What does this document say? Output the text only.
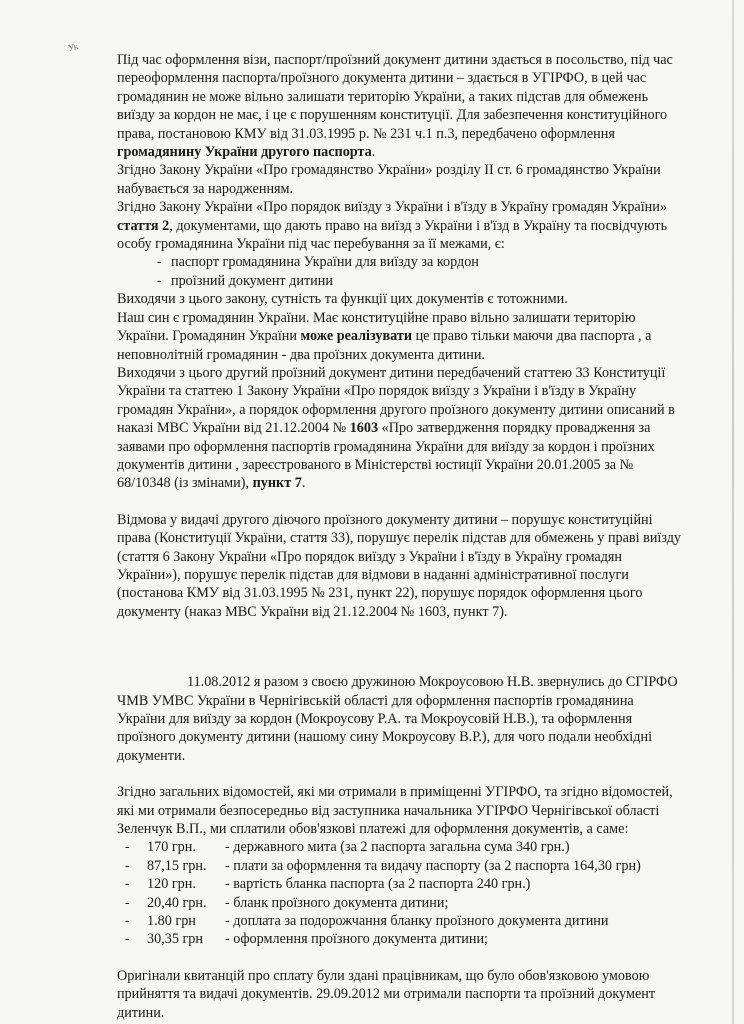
Ук

Під час оформлення візи, паспорт/проїзний документ дитини здається в посольство, під час переоформлення паспорта/проїзного документа дитини – здається в УГІРФО, в цей час громадянин не може вільно залишати територію України, а таких підстав для обмежень виїзду за кордон не має, і це є порушенням конституції. Для забезпечення конституційного права, постановою КМУ від 31.03.1995 р. № 231 ч.1 п.3, передбачено оформлення громадянину України другого паспорта.

Згідно Закону України «Про громадянство України» розділу II ст. 6 громадянство України набувається за народженням.

Згідно Закону України «Про порядок виїзду з України і в'їзду в Україну громадян України» стаття 2, документами, що дають право на виїзд з України і в'їзд в Україну та посвідчують особу громадянина України під час перебування за її межами, є:

- паспорт громадянина України для виїзду за кордон
- проїзний документ дитини

Виходячи з цього закону, сутність та функції цих документів є тотожними.

Наш син є громадянин України. Має конституційне право вільно залишати територію України. Громадянин України може реалізувати це право тільки маючи два паспорта , а неповнолітній громадянин - два проїзних документа дитини.

Виходячи з цього другий проїзний документ дитини передбачений статтею 33 Конституції України та статтею 1 Закону України «Про порядок виїзду з України і в'їзду в Україну громадян України», а порядок оформлення другого проїзного документу дитини описаний в наказі МВС України від 21.12.2004 № 1603 «Про затвердження порядку провадження за заявами про оформлення паспортів громадянина України для виїзду за кордон і проїзних документів дитини , зареєстрованого в Міністерстві юстиції України 20.01.2005 за № 68/10348 (із змінами), пункт 7.

Відмова у видачі другого діючого проїзного документу дитини – порушує конституційні права (Конституції України, стаття 33), порушує перелік підстав для обмежень у праві виїзду (стаття 6 Закону України «Про порядок виїзду з України і в'їзду в Україну громадян України»), порушує перелік підстав для відмови в наданні адміністративної послуги (постанова КМУ від 31.03.1995 № 231, пункт 22), порушує порядок оформлення цього документу (наказ МВС України від 21.12.2004 № 1603, пункт 7).

11.08.2012 я разом з своєю дружиною Мокроусовою Н.В. звернулись до СГІРФО ЧМВ УМВС України в Чернігівській області для оформлення паспортів громадянина України для виїзду за кордон (Мокроусову Р.А. та Мокроусовій Н.В.), та оформлення проїзного документу дитини (нашому сину Мокроусову В.Р.), для чого подали необхідні документи.

Згідно загальних відомостей, які ми отримали в приміщенні УГІРФО, та згідно відомостей, які ми отримали безпосередньо від заступника начальника УГІРФО Чернігівської області Зеленчук В.П., ми сплатили обов'язкові платежі для оформлення документів, а саме:

-	170 грн.	- державного мита (за 2 паспорта загальна сума 340 грн.)
-	87,15 грн.	- плати за оформлення та видачу паспорту (за 2 паспорта 164,30 грн)
-	120 грн.	- вартість бланка паспорта (за 2 паспорта 240 грн.)
-	20,40 грн.	- бланк проїзного документа дитини;
-	1.80 грн	- доплата за подорожчання бланку проїзного документа дитини
-	30,35 грн	- оформлення проїзного документа дитини;

Оригінали квитанцій про сплату були здані працівникам, що було обов'язковою умовою прийняття та видачі документів. 29.09.2012 ми отримали паспорти та проїзний документ дитини.
